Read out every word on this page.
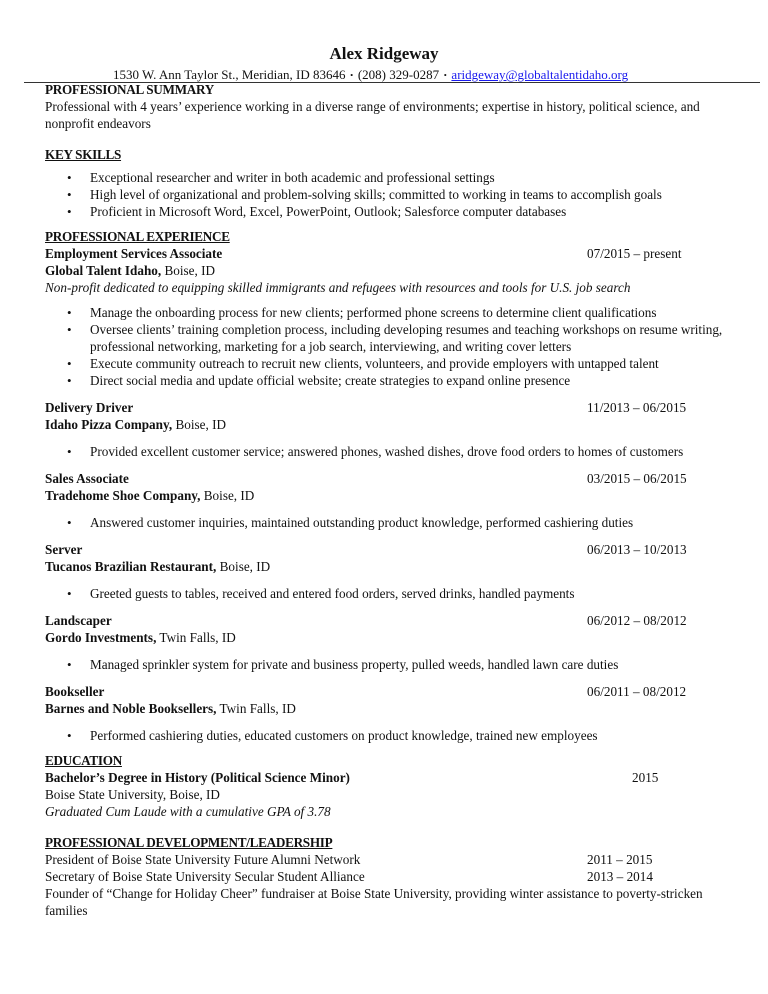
Alex Ridgeway
1530 W. Ann Taylor St., Meridian, ID 83646 · (208) 329-0287 · aridgeway@globaltalentidaho.org
PROFESSIONAL SUMMARY

Professional with 4 years’ experience working in a diverse range of environments; expertise in history, political science, and nonprofit endeavors

KEY SKILLS
• Exceptional researcher and writer in both academic and professional settings
• High level of organizational and problem-solving skills; committed to working in teams to accomplish goals
• Proficient in Microsoft Word, Excel, PowerPoint, Outlook; Salesforce computer databases
PROFESSIONAL EXPERIENCE
Employment Services Associate	07/2015 – present
Global Talent Idaho, Boise, ID
Non-profit dedicated to equipping skilled immigrants and refugees with resources and tools for U.S. job search
• Manage the onboarding process for new clients; performed phone screens to determine client qualifications
• Oversee clients’ training completion process, including developing resumes and teaching workshops on resume writing, professional networking, marketing for a job search, interviewing, and writing cover letters
• Execute community outreach to recruit new clients, volunteers, and provide employers with untapped talent
• Direct social media and update official website; create strategies to expand online presence
Delivery Driver	11/2013 – 06/2015
Idaho Pizza Company, Boise, ID
• Provided excellent customer service; answered phones, washed dishes, drove food orders to homes of customers
Sales Associate	03/2015 – 06/2015
Tradehome Shoe Company, Boise, ID
• Answered customer inquiries, maintained outstanding product knowledge, performed cashiering duties
Server	06/2013 – 10/2013
Tucanos Brazilian Restaurant, Boise, ID
• Greeted guests to tables, received and entered food orders, served drinks, handled payments
Landscaper	06/2012 – 08/2012
Gordo Investments, Twin Falls, ID
• Managed sprinkler system for private and business property, pulled weeds, handled lawn care duties
Bookseller	06/2011 – 08/2012
Barnes and Noble Booksellers, Twin Falls, ID
• Performed cashiering duties, educated customers on product knowledge, trained new employees
EDUCATION
Bachelor’s Degree in History (Political Science Minor)	2015
Boise State University, Boise, ID
Graduated Cum Laude with a cumulative GPA of 3.78
PROFESSIONAL DEVELOPMENT/LEADERSHIP
President of Boise State University Future Alumni Network	2011 – 2015
Secretary of Boise State University Secular Student Alliance	2013 – 2014
Founder of “Change for Holiday Cheer” fundraiser at Boise State University, providing winter assistance to poverty-stricken families
